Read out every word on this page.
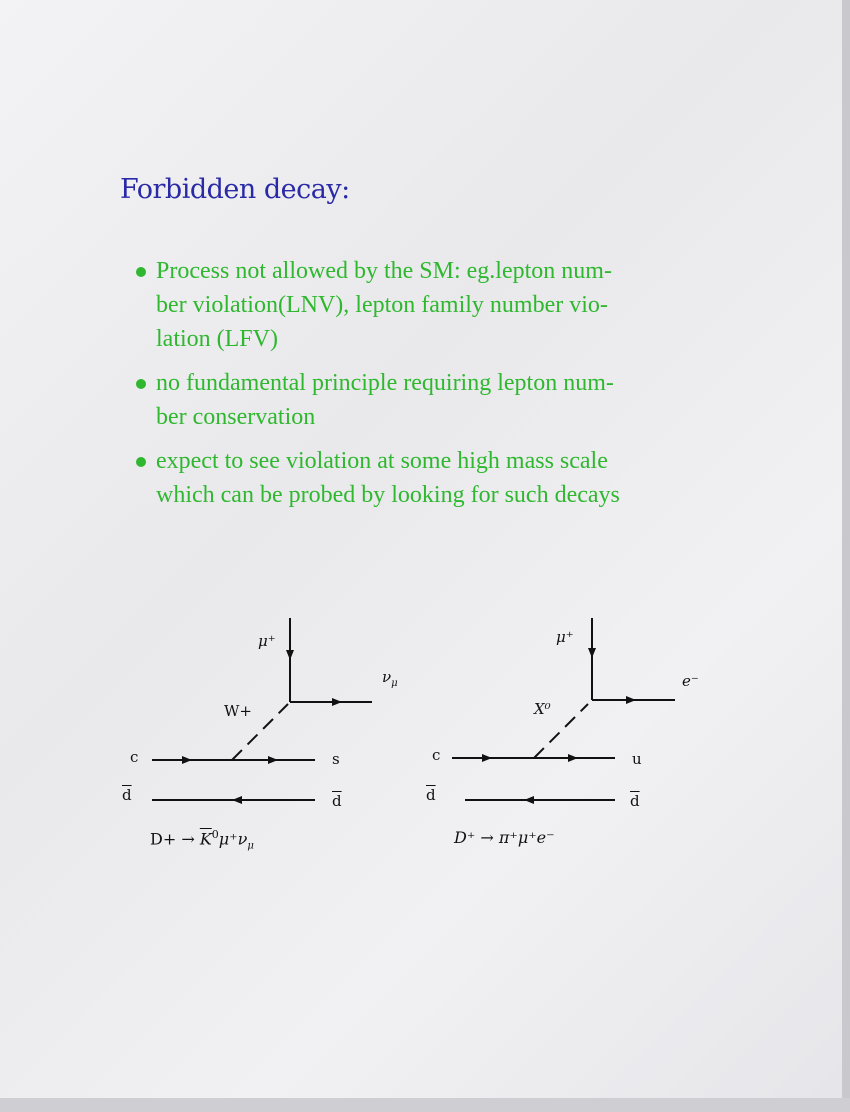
Forbidden decay:
Process not allowed by the SM: eg.lepton num-
ber violation(LNV), lepton family number vio-
lation (LFV)
no fundamental principle requiring lepton num-
ber conservation
expect to see violation at some high mass scale
which can be probed by looking for such decays
μ⁺
$\nu_\mu$
W+
c
$\overline{d}$
s
$\overline{d}$
$D+ \to \overline{K}^0\mu^+\nu_\mu$
μ⁺
e⁻
X⁰
c
$\overline{d}$
u
$\overline{d}$
D⁺ → π⁺μ⁺e⁻
